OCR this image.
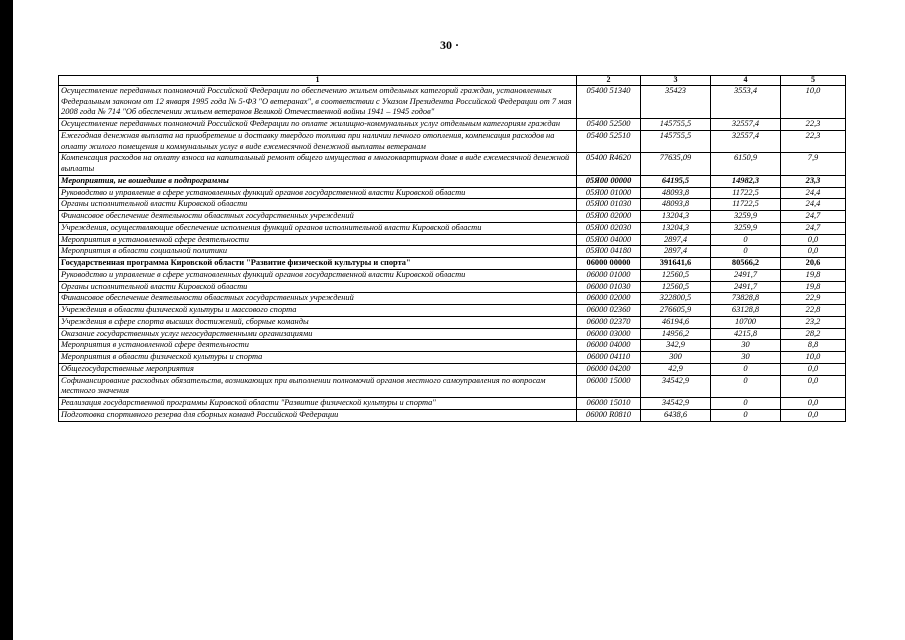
30 ·
1	2	3	4	5
Осуществление переданных полномочий Российской Федерации по обеспечению жильем отдельных категорий граждан, установленных Федеральным законом от 12 января 1995 года № 5-ФЗ "О ветеранах", в соответствии с Указом Президента Российской Федерации от 7 мая 2008 года № 714 "Об обеспечении жильем ветеранов Великой Отечественной войны 1941 – 1945 годов"	05400 51340	35423	3553,4	10,0
Осуществление переданных полномочий Российской Федерации по оплате жилищно-коммунальных услуг отдельным категориям граждан	05400 52500	145755,5	32557,4	22,3
Ежегодная денежная выплата на приобретение и доставку твердого топлива при наличии печного отопления, компенсация расходов на оплату жилого помещения и коммунальных услуг в виде ежемесячной денежной выплаты ветеранам	05400 52510	145755,5	32557,4	22,3
Компенсация расходов на оплату взноса на капитальный ремонт общего имущества в многоквартирном доме в виде ежемесячной денежной выплаты	05400 R4620	77635,09	6150,9	7,9
Мероприятия, не вошедшие в подпрограммы	05Я00 00000	64195,5	14982,3	23,3
Руководство и управление в сфере установленных функций органов государственной власти Кировской области	05Я00 01000	48093,8	11722,5	24,4
Органы исполнительной власти Кировской области	05Я00 01030	48093,8	11722,5	24,4
Финансовое обеспечение деятельности областных государственных учреждений	05Я00 02000	13204,3	3259,9	24,7
Учреждения, осуществляющие обеспечение исполнения функций органов исполнительной власти Кировской области	05Я00 02030	13204,3	3259,9	24,7
Мероприятия в установленной сфере деятельности	05Я00 04000	2897,4	0	0,0
Мероприятия в области социальной политики	05Я00 04180	2897,4	0	0,0
Государственная программа Кировской области "Развитие физической культуры и спорта"	06000 00000	391641,6	80566,2	20,6
Руководство и управление в сфере установленных функций органов государственной власти Кировской области	06000 01000	12560,5	2491,7	19,8
Органы исполнительной власти Кировской области	06000 01030	12560,5	2491,7	19,8
Финансовое обеспечение деятельности областных государственных учреждений	06000 02000	322800,5	73828,8	22,9
Учреждения в области физической культуры и массового спорта	06000 02360	276605,9	63128,8	22,8
Учреждения в сфере спорта высших достижений, сборные команды	06000 02370	46194,6	10700	23,2
Оказание государственных услуг негосударственными организациями	06000 03000	14956,2	4215,8	28,2
Мероприятия в установленной сфере деятельности	06000 04000	342,9	30	8,8
Мероприятия в области физической культуры и спорта	06000 04110	300	30	10,0
Общегосударственные мероприятия	06000 04200	42,9	0	0,0
Софинансирование расходных обязательств, возникающих при выполнении полномочий органов местного самоуправления по вопросам местного значения	06000 15000	34542,9	0	0,0
Реализация государственной программы Кировской области "Развитие физической культуры и спорта"	06000 15010	34542,9	0	0,0
Подготовка спортивного резерва для сборных команд Российской Федерации	06000 R0810	6438,6	0	0,0
